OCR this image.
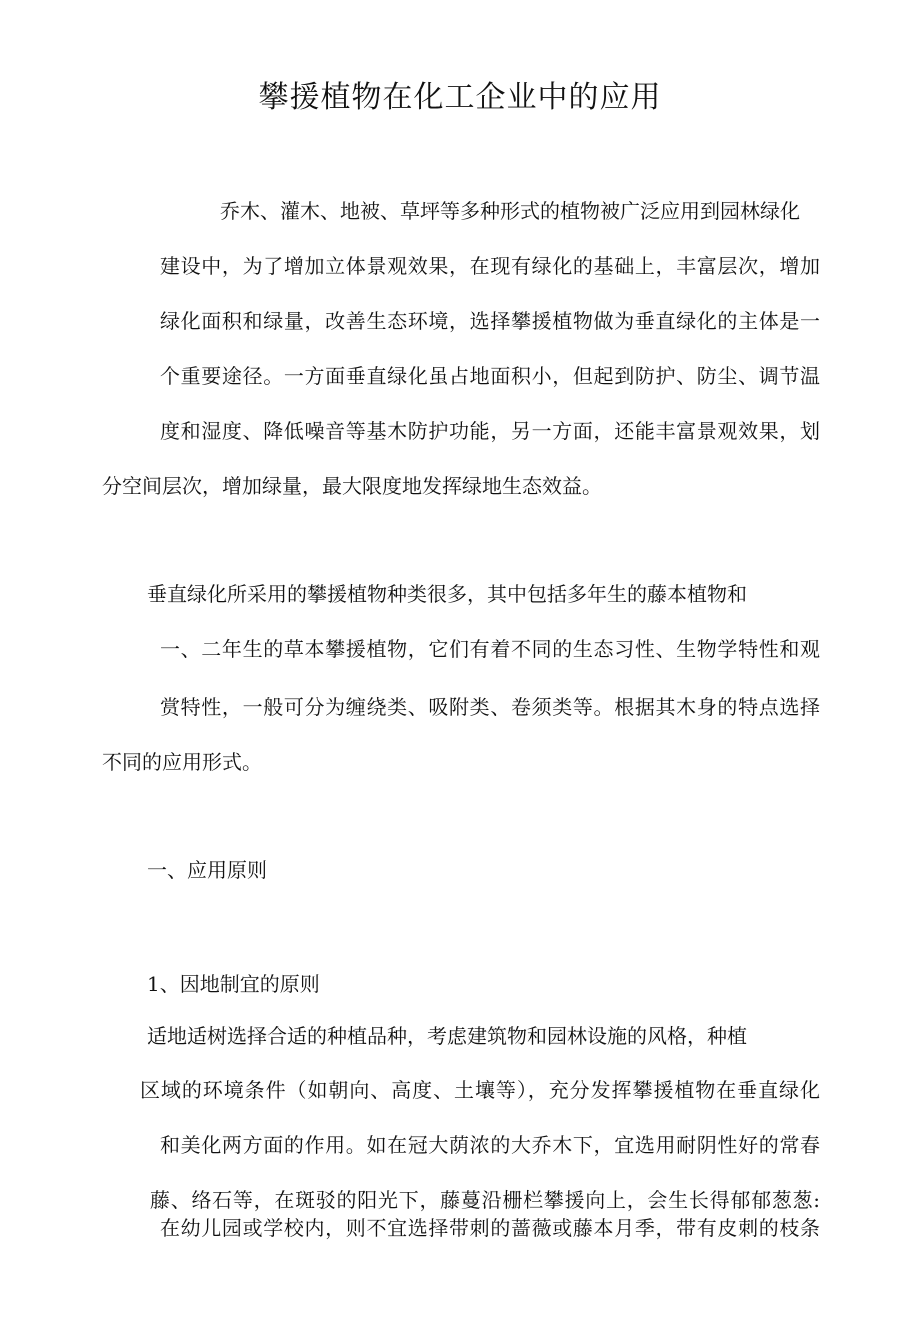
攀援植物在化工企业中的应用
乔木、灌木、地被、草坪等多种形式的植物被广泛应用到园林绿化
建设中，为了增加立体景观效果，在现有绿化的基础上，丰富层次，增加
绿化面积和绿量，改善生态环境，选择攀援植物做为垂直绿化的主体是一
个重要途径。一方面垂直绿化虽占地面积小，但起到防护、防尘、调节温
度和湿度、降低噪音等基木防护功能，另一方面，还能丰富景观效果，划
分空间层次，增加绿量，最大限度地发挥绿地生态效益。
垂直绿化所采用的攀援植物种类很多，其中包括多年生的藤本植物和
一、二年生的草本攀援植物，它们有着不同的生态习性、生物学特性和观
赏特性，一般可分为缠绕类、吸附类、卷须类等。根据其木身的特点选择
不同的应用形式。
一、应用原则
1、因地制宜的原则
适地适树选择合适的种植品种，考虑建筑物和园林设施的风格，种植
区域的环境条件（如朝向、高度、土壤等），充分发挥攀援植物在垂直绿化
和美化两方面的作用。如在冠大荫浓的大乔木下，宜选用耐阴性好的常春
藤、络石等，在斑驳的阳光下，藤蔓沿栅栏攀援向上，会生长得郁郁葱葱:
在幼儿园或学校内，则不宜选择带刺的蔷薇或藤本月季，带有皮刺的枝条
